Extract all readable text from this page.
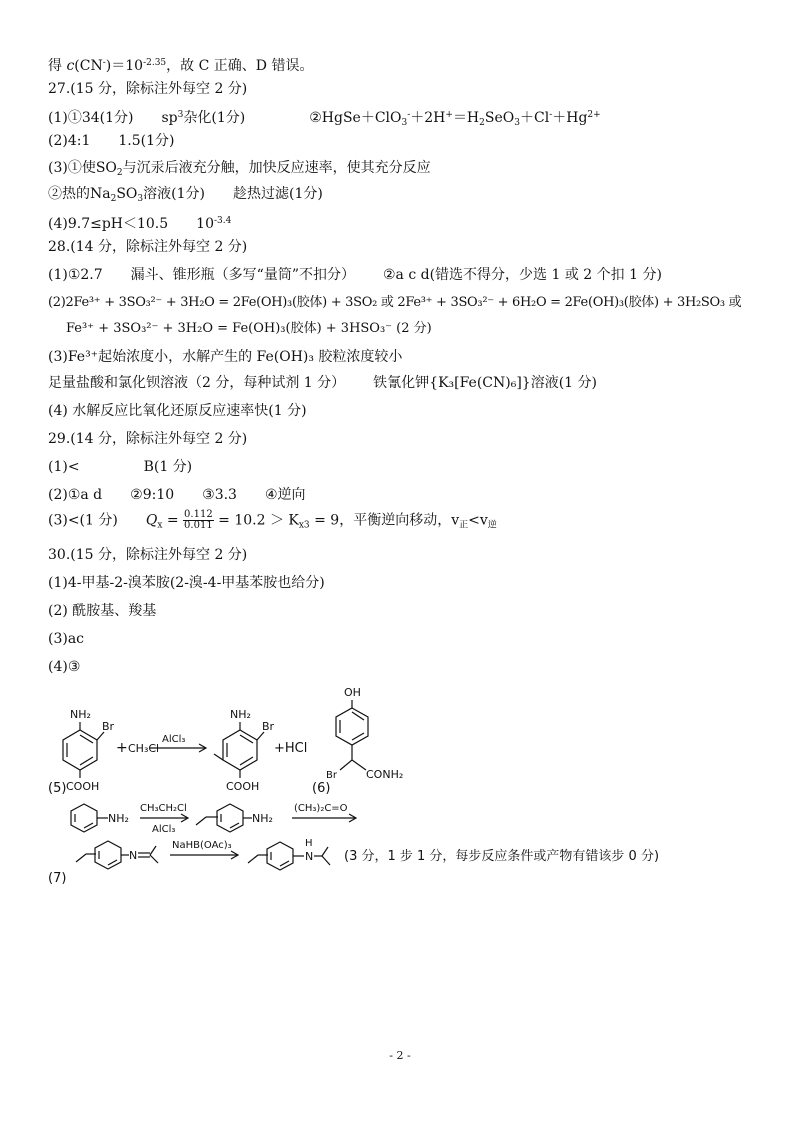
得 $c(CN^-)=10^{-2.35}$，故 C 正确、D 错误。
27.(15 分，除标注外每空 2 分)
(1)①34(1分) $sp^3$杂化(1分)	$②HgSe+ClO_3^-+2H^+=H_2SeO_3+Cl^-+Hg^{2+}$
(2)4:1 1.5(1分)
(3)①使$SO_2$与沉汞后液充分触，加快反应速率，使其充分反应
②热的$Na_2SO_3$溶液(1分) 趁热过滤(1分)
(4)9.7≤pH＜10.5 $10^{-3.4}$
28.(14 分，除标注外每空 2 分)
(1)①2.7 漏斗、锥形瓶（多写“量筒”不扣分） ②a c d(错选不得分，少选 1 或 2 个扣 1 分)
(2)2Fe³⁺ + 3SO₃²⁻ + 3H₂O = 2Fe(OH)₃(胶体) + 3SO₂ 或 2Fe³⁺ + 3SO₃²⁻ + 6H₂O = 2Fe(OH)₃(胶体) + 3H₂SO₃ 或
Fe³⁺ + 3SO₃²⁻ + 3H₂O = Fe(OH)₃(胶体) + 3HSO₃⁻ (2 分)
(3)Fe³⁺起始浓度小，水解产生的 Fe(OH)₃ 胶粒浓度较小
足量盐酸和氯化钡溶液（2 分，每种试剂 1 分） 铁氰化钾{K₃[Fe(CN)₆]}溶液(1 分)
(4) 水解反应比氧化还原反应速率快(1 分)
29.(14 分，除标注外每空 2 分)
(1)<	B(1 分)
(2)①a d ②9:10 ③3.3 ④逆向
(3)<(1 分) $Q_x = \frac{0.112}{0.011} = 10.2 > K_{x3} = 9$，平衡逆向移动，$v_正<v_逆$
30.(15 分，除标注外每空 2 分)
(1)4-甲基-2-溴苯胺(2-溴-4-甲基苯胺也给分)
(2) 酰胺基、羧基
(3)ac
(4)③
NH₂
Br
COOH
(5)
+ CH₃Cl
AlCl₃
NH₂
Br
COOH
+HCl
OH
(6)
Br	CONH₂
NH₂
CH₃CH₂Cl
AlCl₃
NH₂
(CH₃)₂C=O
(7)
N
NaHB(OAc)₃
N
H
(3 分，1 步 1 分，每步反应条件或产物有错该步 0 分)
- 2 -
